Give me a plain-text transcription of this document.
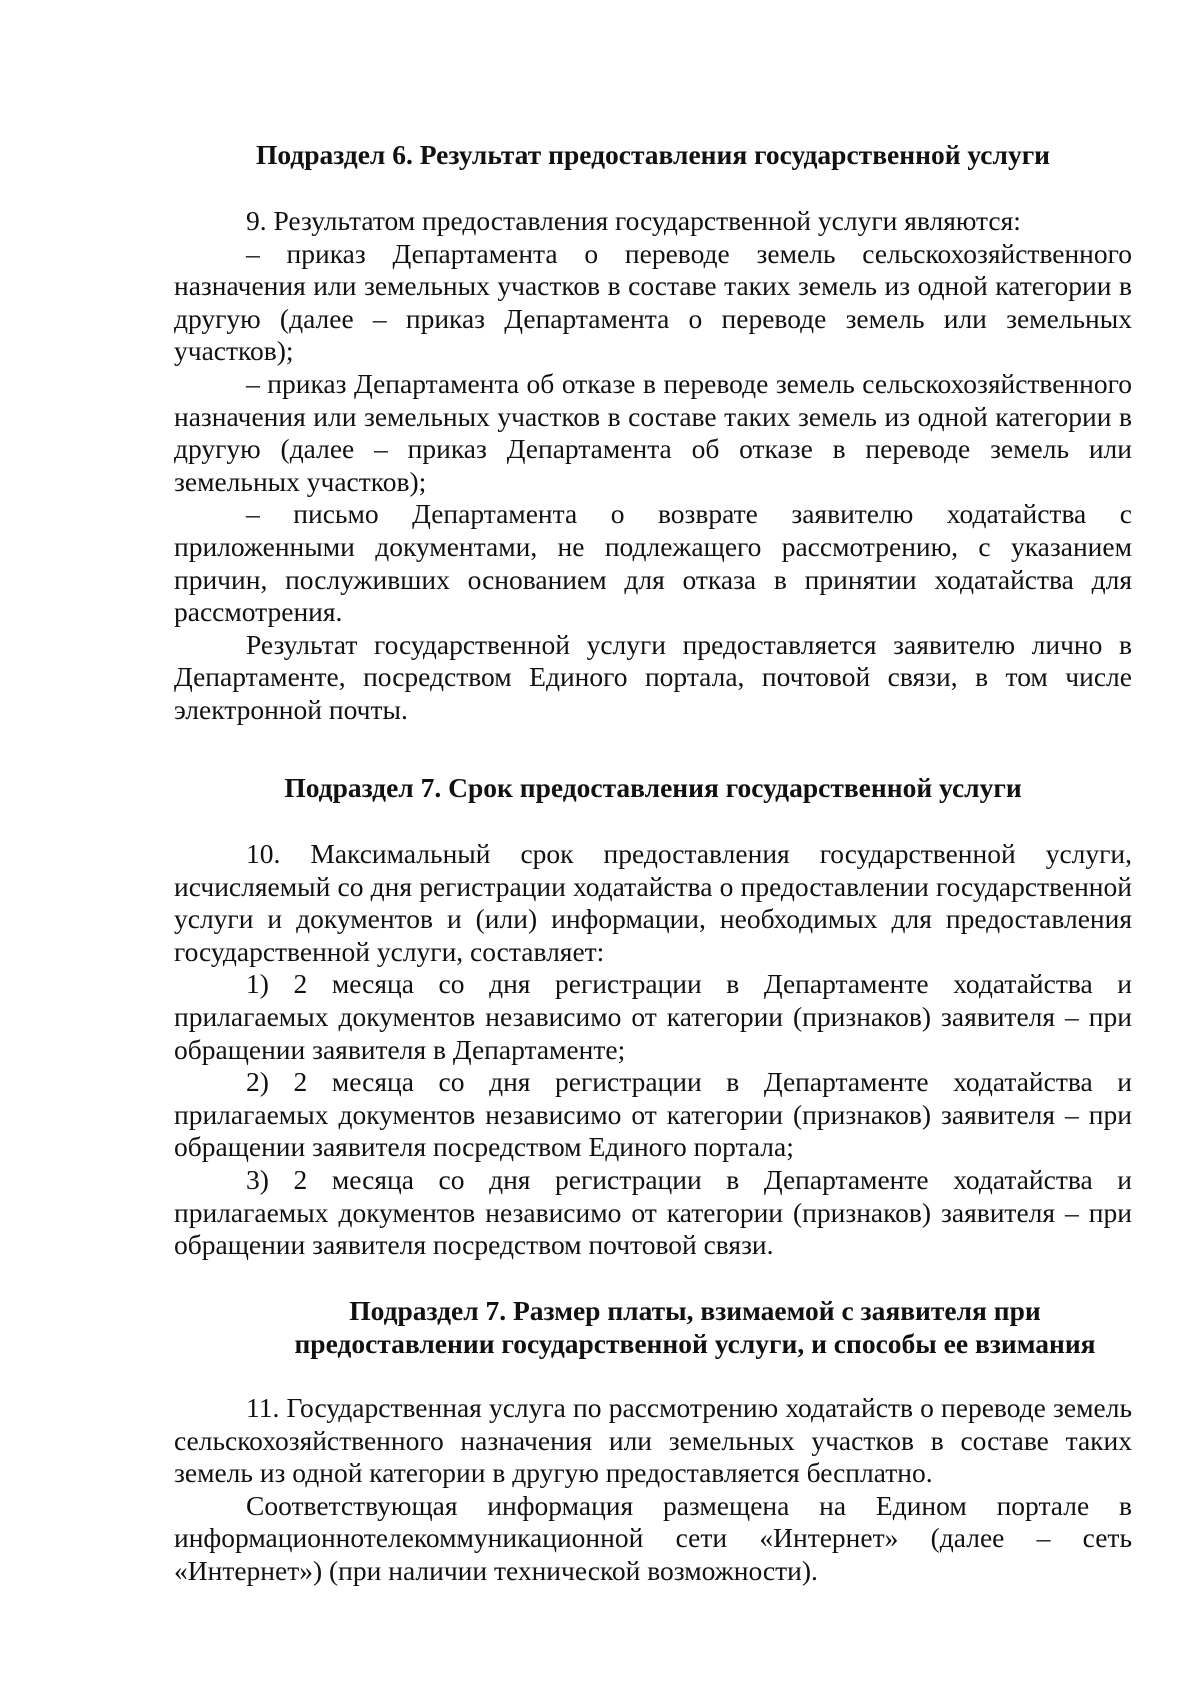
Подраздел 6. Результат предоставления государственной услуги

9. Результатом предоставления государственной услуги являются:

– приказ Департамента о переводе земель сельскохозяйственного назначения или земельных участков в составе таких земель из одной категории в другую (далее – приказ Департамента о переводе земель или земельных участков);

– приказ Департамента об отказе в переводе земель сельскохозяйственного назначения или земельных участков в составе таких земель из одной категории в другую (далее – приказ Департамента об отказе в переводе земель или земельных участков);

– письмо Департамента о возврате заявителю ходатайства с приложенными документами, не подлежащего рассмотрению, с указанием причин, послуживших основанием для отказа в принятии ходатайства для рассмотрения.

Результат государственной услуги предоставляется заявителю лично в Департаменте, посредством Единого портала, почтовой связи, в том числе электронной почты.

Подраздел 7. Срок предоставления государственной услуги

10. Максимальный срок предоставления государственной услуги, исчисляемый со дня регистрации ходатайства о предоставлении государственной услуги и документов и (или) информации, необходимых для предоставления государственной услуги, составляет:

1) 2 месяца со дня регистрации в Департаменте ходатайства и прилагаемых документов независимо от категории (признаков) заявителя – при обращении заявителя в Департаменте;

2) 2 месяца со дня регистрации в Департаменте ходатайства и прилагаемых документов независимо от категории (признаков) заявителя – при обращении заявителя посредством Единого портала;

3) 2 месяца со дня регистрации в Департаменте ходатайства и прилагаемых документов независимо от категории (признаков) заявителя – при обращении заявителя посредством почтовой связи.

Подраздел 7. Размер платы, взимаемой с заявителя при
предоставлении государственной услуги, и способы ее взимания

11. Государственная услуга по рассмотрению ходатайств о переводе земель сельскохозяйственного назначения или земельных участков в составе таких земель из одной категории в другую предоставляется бесплатно.

Соответствующая информация размещена на Едином портале в информационнотелекоммуникационной сети «Интернет» (далее – сеть «Интернет») (при наличии технической возможности).
